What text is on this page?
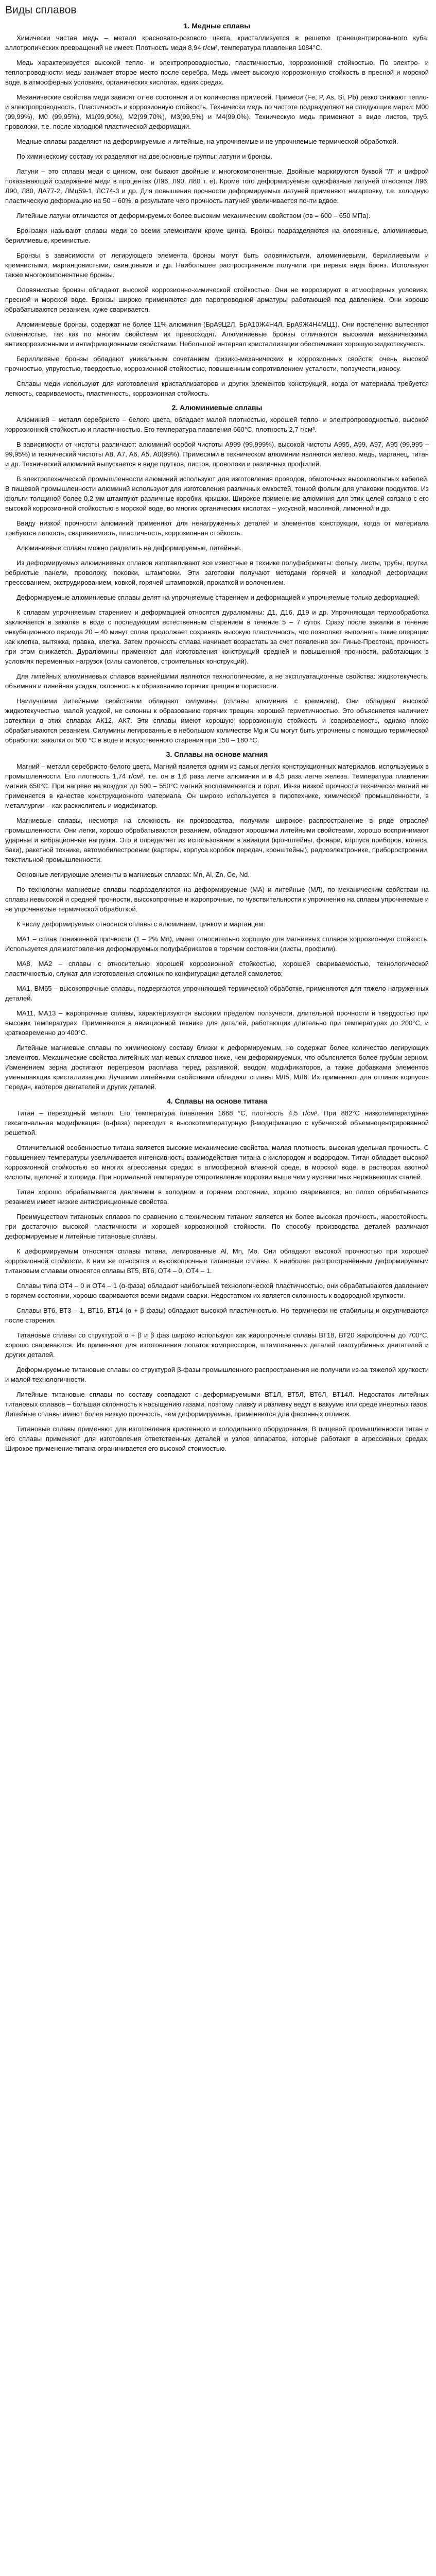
Виды сплавов
1. Медные сплавы

Химически чистая медь – металл красновато-розового цвета, кристаллизуется в решетке гранецентрированного куба, аллотропических превращений не имеет. Плотность меди 8,94 г/см³, температура плавления 1084°С.

Медь характеризуется высокой тепло- и электропроводностью, пластичностью, коррозионной стойкостью. По электро- и теплопроводности медь занимает второе место после серебра. Медь имеет высокую коррозионную стойкость в пресной и морской воде, в атмосферных условиях, органических кислотах, едких средах.

Механические свойства меди зависят от ее состояния и от количества примесей. Примеси (Fe, P, As, Si, Pb) резко снижают тепло- и электропроводность. Пластичность и коррозионную стойкость. Технически медь по чистоте подразделяют на следующие марки: М00 (99,99%), М0 (99,95%), М1(99,90%), М2(99,70%), М3(99,5%) и М4(99,0%). Техническую медь применяют в виде листов, труб, проволоки, т.е. после холодной пластической деформации.

Медные сплавы разделяют на деформируемые и литейные, на упрочняемые и не упрочняемые термической обработкой.

По химическому составу их разделяют на две основные группы: латуни и бронзы.

Латуни – это сплавы меди с цинком, они бывают двойные и многокомпонентные. Двойные маркируются буквой "Л" и цифрой показывающей содержание меди в процентах (Л96, Л90, Л80 т. е). Кроме того деформируемые однофазные латуней относятся Л96, Л90, Л80, ЛА77-2, ЛМц59-1, ЛС74-3 и др. Для повышения прочности деформируемых латуней применяют нагартовку, т.е. холодную пластическую деформацию на 50 – 60%, в результате чего прочность латуней увеличивается почти вдвое.

Литейные латуни отличаются от деформируемых более высоким механическим свойством (σв = 600 – 650 МПа).

Бронзами называют сплавы меди со всеми элементами кроме цинка. Бронзы подразделяются на оловянные, алюминиевые, бериллиевые, кремнистые.

Бронзы в зависимости от легирующего элемента бронзы могут быть оловянистыми, алюминиевыми, бериллиевыми и кремнистыми, марганцовистыми, свинцовыми и др. Наибольшее распространение получили три первых вида бронз. Используют также многокомпонентные бронзы.

Оловянистые бронзы обладают высокой коррозионно-химической стойкостью. Они не коррозируют в атмосферных условиях, пресной и морской воде. Бронзы широко применяются для паропроводной арматуры работающей под давлением. Они хорошо обрабатываются резанием, хуже сваривается.

Алюминиевые бронзы, содержат не более 11% алюминия (БрА9Ц2Л, БрА10Ж4Н4Л, БрА9Ж4Н4МЦ1). Они постепенно вытесняют оловянистые, так как по многим свойствам их превосходят. Алюминиевые бронзы отличаются высокими механическими, антикоррозионными и антифрикционными свойствами. Небольшой интервал кристаллизации обеспечивает хорошую жидкотекучесть.

Бериллиевые бронзы обладают уникальным сочетанием физико-механических и коррозионных свойств: очень высокой прочностью, упругостью, твердостью, коррозионной стойкостью, повышенным сопротивлением усталости, ползучести, износу.

Сплавы меди используют для изготовления кристаллизаторов и других элементов конструкций, когда от материала требуется легкость, свариваемость, пластичность, коррозионная стойкость.

2. Алюминиевые сплавы

Алюминий – металл серебристо – белого цвета, обладает малой плотностью, хорошей тепло- и электропроводностью, высокой коррозионной стойкостью и пластичностью. Его температура плавления 660°С, плотность 2,7 г/см³.

В зависимости от чистоты различают: алюминий особой чистоты А999 (99,999%), высокой чистоты А995, А99, А97, А95 (99,995 – 99,95%) и технический чистоты А8, А7, А6, А5, А0(99%). Примесями в техническом алюминии являются железо, медь, марганец, титан и др. Технический алюминий выпускается в виде прутков, листов, проволоки и различных профилей.

В электротехнической промышленности алюминий используют для изготовления проводов, обмоточных высоковольтных кабелей. В пищевой промышленности алюминий используют для изготовления различных емкостей, тонкой фольги для упаковки продуктов. Из фольги толщиной более 0,2 мм штампуют различные коробки, крышки. Широкое применение алюминия для этих целей связано с его высокой коррозионной стойкостью в морской воде, во многих органических кислотах – уксусной, масляной, лимонной и др.

Ввиду низкой прочности алюминий применяют для ненагруженных деталей и элементов конструкции, когда от материала требуется легкость, свариваемость, пластичность, коррозионная стойкость.

Алюминиевые сплавы можно разделить на деформируемые, литейные.

Из деформируемых алюминиевых сплавов изготавливают все известные в технике полуфабрикаты: фольгу, листы, трубы, прутки, ребристые панели, проволоку, поковки, штамповки. Эти заготовки получают методами горячей и холодной деформации: прессованием, экструдированием, ковкой, горячей штамповкой, прокаткой и волочением.

Деформируемые алюминиевые сплавы делят на упрочняемые старением и деформацией и упрочняемые только деформацией.

К сплавам упрочняемым старением и деформацией относятся дуралюмины: Д1, Д16, Д19 и др. Упрочняющая термообработка заключается в закалке в воде с последующим естественным старением в течение 5 – 7 суток. Сразу после закалки в течение инкубационного периода 20 – 40 минут сплав продолжает сохранять высокую пластичность, что позволяет выполнять такие операции как клепка, вытяжка, правка, клепка. Затем прочность сплава начинает возрастать за счет появления зон Гинье-Престона, прочность при этом снижается. Дуралюмины применяют для изготовления конструкций средней и повышенной прочности, работающих в условиях переменных нагрузок (силы самолётов, строительных конструкций).

Для литейных алюминиевых сплавов важнейшими являются технологические, а не эксплуатационные свойства: жидкотекучесть, объемная и линейная усадка, склонность к образованию горячих трещин и пористости.

Наилучшими литейными свойствами обладают силумины (сплавы алюминия с кремнием). Они обладают высокой жидкотекучестью, малой усадкой, не склонны к образованию горячих трещин, хорошей герметичностью. Это объясняется наличием эвтектики в этих сплавах АК12, АК7. Эти сплавы имеют хорошую коррозионную стойкость и свариваемость, однако плохо обрабатываются резанием. Силумины легированные в небольшом количестве Mg и Cu могут быть упрочнены с помощью термической обработки: закалки от 500 °С в воде и искусственного старения при 150 – 180 °С.

3. Сплавы на основе магния

Магний – металл серебристо-белого цвета. Магний является одним из самых легких конструкционных материалов, используемых в промышленности. Его плотность 1,74 г/см³, т.е. он в 1,6 раза легче алюминия и в 4,5 раза легче железа. Температура плавления магния 650°С. При нагреве на воздухе до 500 – 550°С магний воспламеняется и горит. Из-за низкой прочности технически магний не применяется в качестве конструкционного материала. Он широко используется в пиротехнике, химической промышленности, в металлургии – как раскислитель и модификатор.

Магниевые сплавы, несмотря на сложность их производства, получили широкое распространение в ряде отраслей промышленности. Они легки, хорошо обрабатываются резанием, обладают хорошими литейными свойствами, хорошо воспринимают ударные и вибрационные нагрузки. Это и определяет их использование в авиации (кронштейны, фонари, корпуса приборов, колеса, баки), ракетной технике, автомобилестроении (картеры, корпуса коробок передач, кронштейны), радиоэлектронике, приборостроении, текстильной промышленности.

Основные легирующие элементы в магниевых сплавах: Mn, Al, Zn, Ce, Nd.

По технологии магниевые сплавы подразделяются на деформируемые (МА) и литейные (МЛ), по механическим свойствам на сплавы невысокой и средней прочности, высокопрочные и жаропрочные, по чувствительности к упрочнению на сплавы упрочняемые и не упрочняемые термической обработкой.

К числу деформируемых относятся сплавы с алюминием, цинком и марганцем:

МА1 – сплав пониженной прочности (1 – 2% Mn), имеет относительно хорошую для магниевых сплавов коррозионную стойкость. Используется для изготовления деформируемых полуфабрикатов в горячем состоянии (листы, профили).

МА8, МА2 – сплавы с относительно хорошей коррозионной стойкостью, хорошей свариваемостью, технологической пластичностью, служат для изготовления сложных по конфигурации деталей самолетов;

МА1, ВМ65 – высокопрочные сплавы, подвергаются упрочняющей термической обработке, применяются для тяжело нагруженных деталей.

МА11, МА13 – жаропрочные сплавы, характеризуются высоким пределом ползучести, длительной прочности и твердостью при высоких температурах. Применяются в авиационной технике для деталей, работающих длительно при температурах до 200°С, и кратковременно до 400°С.

Литейные магниевые сплавы по химическому составу близки к деформируемым, но содержат более количество легирующих элементов. Механические свойства литейных магниевых сплавов ниже, чем деформируемых, что объясняется более грубым зерном. Изменением зерна достигают перегревом расплава перед разливкой, вводом модификаторов, а также добавками элементов уменьшающих кристаллизацию. Лучшими литейными свойствами обладают сплавы МЛ5, МЛ6. Их применяют для отливок корпусов передач, картеров двигателей и других деталей.

4. Сплавы на основе титана

Титан – переходный металл. Его температура плавления 1668 °С, плотность 4,5 г/см³. При 882°С низкотемпературная гексагональная модификация (α-фаза) переходит в высокотемпературную β-модификацию с кубической объемноцентрированной решеткой.

Отличительной особенностью титана является высокие механические свойства, малая плотность, высокая удельная прочность. С повышением температуры увеличивается интенсивность взаимодействия титана с кислородом и водородом. Титан обладает высокой коррозионной стойкостью во многих агрессивных средах: в атмосферной влажной среде, в морской воде, в растворах азотной кислоты, щелочей и хлорида. При нормальной температуре сопротивление коррозии выше чем у аустенитных нержавеющих сталей.

Титан хорошо обрабатывается давлением в холодном и горячем состоянии, хорошо сваривается, но плохо обрабатывается резанием имеет низкие антифрикционные свойства.

Преимуществом титановых сплавов по сравнению с техническим титаном является их более высокая прочность, жаростойкость, при достаточно высокой пластичности и хорошей коррозионной стойкости. По способу производства деталей различают деформируемые и литейные титановые сплавы.

К деформируемым относятся сплавы титана, легированные Al, Mn, Mo. Они обладают высокой прочностью при хорошей коррозионной стойкости. К ним же относятся и высокопрочные титановые сплавы. К наиболее распространённым деформируемым титановым сплавам относятся сплавы ВТ5, ВТ6, ОТ4 – 0, ОТ4 – 1.

Сплавы типа ОТ4 – 0 и ОТ4 – 1 (α-фаза) обладают наибольшей технологической пластичностью, они обрабатываются давлением в горячем состоянии, хорошо свариваются всеми видами сварки. Недостатком их является склонность к водородной хрупкости.

Сплавы ВТ6, ВТ3 – 1, ВТ16, ВТ14 (α + β фазы) обладают высокой пластичностью. Но термически не стабильны и охрупчиваются после старения.

Титановые сплавы со структурой α + β и β фаз широко используют как жаропрочные сплавы ВТ18, ВТ20 жаропрочны до 700°С, хорошо свариваются. Их применяют для изготовления лопаток компрессоров, штампованных деталей газотурбинных двигателей и других деталей.

Деформируемые титановые сплавы со структурой β-фазы промышленного распространения не получили из-за тяжелой хрупкости и малой технологичности.

Литейные титановые сплавы по составу совпадают с деформируемыми ВТ1Л, ВТ5Л, ВТ6Л, ВТ14Л. Недостаток литейных титановых сплавов – большая склонность к насыщению газами, поэтому плавку и разливку ведут в вакууме или среде инертных газов. Литейные сплавы имеют более низкую прочность, чем деформируемые, применяются для фасонных отливок.

Титановые сплавы применяют для изготовления криогенного и холодильного оборудования. В пищевой промышленности титан и его сплавы применяют для изготовления ответственных деталей и узлов аппаратов, которые работают в агрессивных средах. Широкое применение титана ограничивается его высокой стоимостью.
